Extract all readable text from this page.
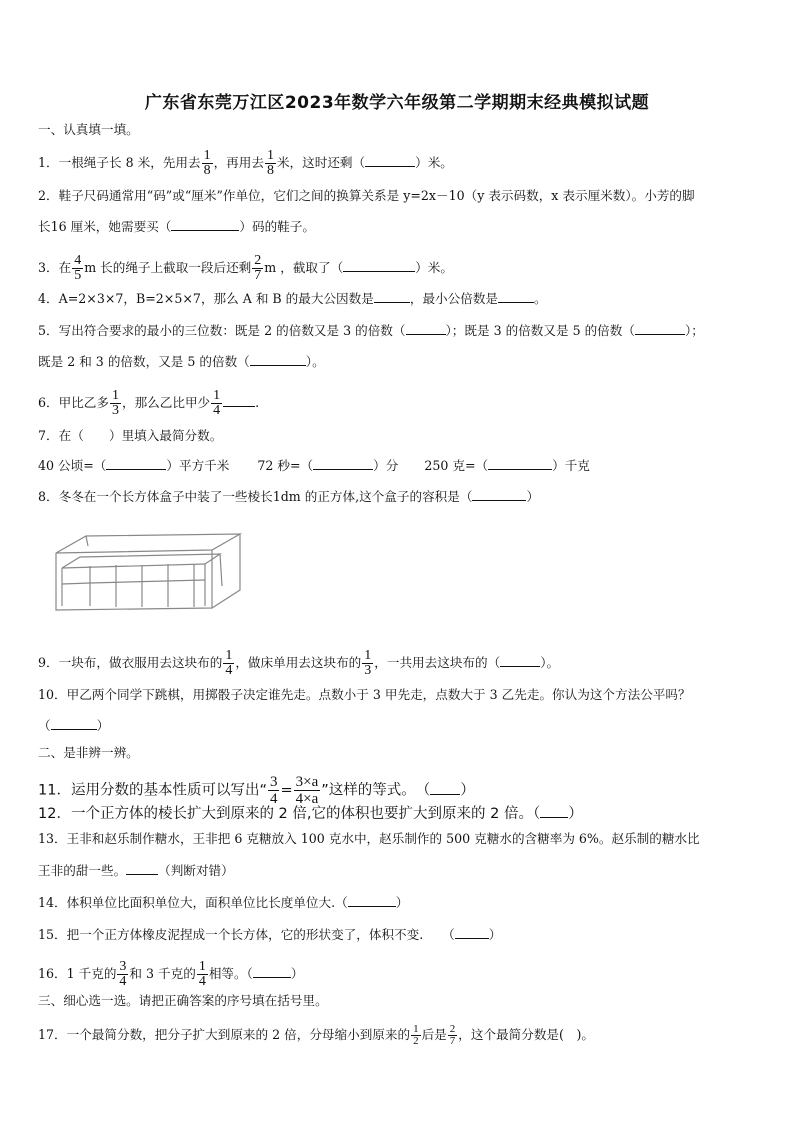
广东省东莞万江区2023年数学六年级第二学期期末经典模拟试题
一、认真填一填。
1．一根绳子长 8 米，先用去 $\frac{1}{8}$ ，再用去 $\frac{1}{8}$ 米，这时还剩（	）米。
2．鞋子尺码通常用“码”或“厘米”作单位，它们之间的换算关系是 y=2x－10（y 表示码数，x 表示厘米数）。小芳的脚
长16 厘米，她需要买（	）码的鞋子。
3．在 $\frac{4}{5}$ m 长的绳子上截取一段后还剩 $\frac{2}{7}$ m ，截取了（	）米。
4．A=2×3×7，B=2×5×7，那么 A 和 B 的最大公因数是	，最小公倍数是	。
5．写出符合要求的最小的三位数：既是 2 的倍数又是 3 的倍数（	）；既是 3 的倍数又是 5 的倍数（	）；
既是 2 和 3 的倍数，又是 5 的倍数（	）。
6．甲比乙多 $\frac{1}{3}$ ，那么乙比甲少 $\frac{1}{4}$	.
7．在（　　）里填入最简分数。
40 公顷=（	）平方千米 72 秒=（	）分 250 克=（	）千克
8．冬冬在一个长方体盒子中装了一些棱长1dm 的正方体,这个盒子的容积是（	）
9．一块布，做衣服用去这块布的 $\frac{1}{4}$ ，做床单用去这块布的 $\frac{1}{3}$ ，一共用去这块布的（	）。
10．甲乙两个同学下跳棋，用掷骰子决定谁先走。点数小于 3 甲先走，点数大于 3 乙先走。你认为这个方法公平吗？
（	）
二、是非辨一辨。
11．运用分数的基本性质可以写出“ $\frac{3}{4} = \frac{3\times a}{4\times a}$ ”这样的等式。　（ ）
12．一个正方体的棱长扩大到原来的 2 倍,它的体积也要扩大到原来的 2 倍。（ ）
13．王非和赵乐制作糖水，王非把 6 克糖放入 100 克水中，赵乐制作的 500 克糖水的含糖率为 6%。赵乐制的糖水比
王非的甜一些。	（判断对错）
14．体积单位比面积单位大，面积单位比长度单位大.（	）
15．把一个正方体橡皮泥捏成一个长方体，它的形状变了，体积不变.　　（	）
16．1 千克的 $\frac{3}{4}$ 和 3 千克的 $\frac{1}{4}$ 相等。（	）
三、细心选一选。请把正确答案的序号填在括号里。
17．一个最简分数，把分子扩大到原来的 2 倍，分母缩小到原来的 $\frac{1}{2}$ 后是 $\frac{2}{7}$ ，这个最简分数是(　)。
